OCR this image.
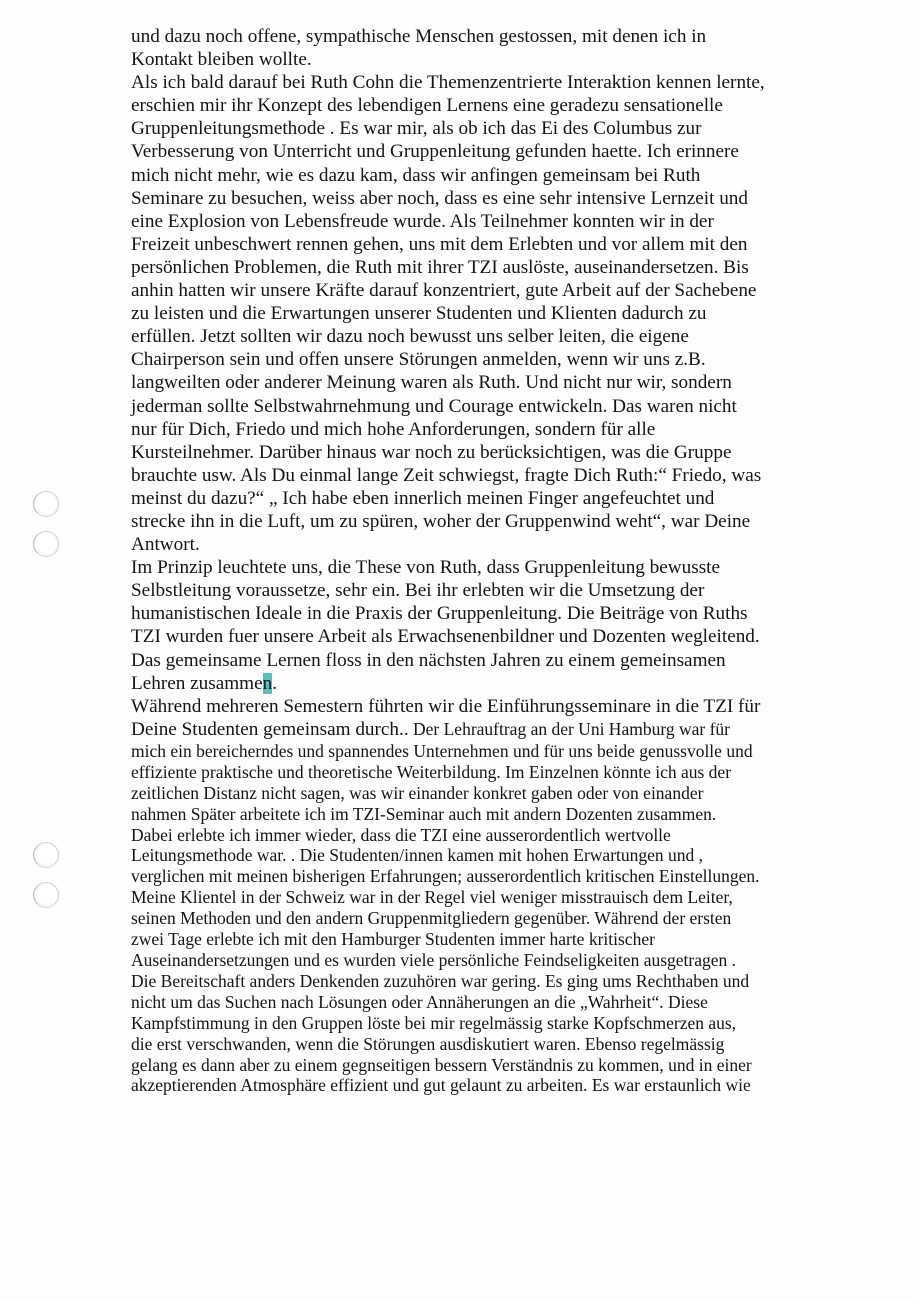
und dazu noch offene, sympathische Menschen gestossen, mit denen ich in
Kontakt bleiben wollte.
Als ich bald darauf bei Ruth Cohn die Themenzentrierte Interaktion kennen lernte,
erschien mir ihr Konzept des lebendigen Lernens eine geradezu sensationelle
Gruppenleitungsmethode . Es war mir, als ob ich das Ei des Columbus zur
Verbesserung von Unterricht und Gruppenleitung gefunden haette. Ich erinnere
mich nicht mehr, wie es dazu kam, dass wir anfingen gemeinsam bei Ruth
Seminare zu besuchen, weiss aber noch, dass es eine sehr intensive Lernzeit und
eine Explosion von Lebensfreude wurde. Als Teilnehmer konnten wir in der
Freizeit unbeschwert rennen gehen, uns mit dem Erlebten und vor allem mit den
persönlichen Problemen, die Ruth mit ihrer TZI auslöste, auseinandersetzen. Bis
anhin hatten wir unsere Kräfte darauf konzentriert, gute Arbeit auf der Sachebene
zu leisten und die Erwartungen unserer Studenten und Klienten dadurch zu
erfüllen. Jetzt sollten wir dazu noch bewusst uns selber leiten, die eigene
Chairperson sein und offen unsere Störungen anmelden, wenn wir uns z.B.
langweilten oder anderer Meinung waren als Ruth. Und nicht nur wir, sondern
jederman sollte Selbstwahrnehmung und Courage entwickeln. Das waren nicht
nur für Dich, Friedo und mich hohe Anforderungen, sondern für alle
Kursteilnehmer. Darüber hinaus war noch zu berücksichtigen, was die Gruppe
brauchte usw. Als Du einmal lange Zeit schwiegst, fragte Dich Ruth:“ Friedo, was
meinst du dazu?“ „ Ich habe eben innerlich meinen Finger angefeuchtet und
strecke ihn in die Luft, um zu spüren, woher der Gruppenwind weht“, war Deine
Antwort.
Im Prinzip leuchtete uns, die These von Ruth, dass Gruppenleitung bewusste
Selbstleitung voraussetze, sehr ein. Bei ihr erlebten wir die Umsetzung der
humanistischen Ideale in die Praxis der Gruppenleitung. Die Beiträge von Ruths
TZI wurden fuer unsere Arbeit als Erwachsenenbildner und Dozenten wegleitend.
Das gemeinsame Lernen floss in den nächsten Jahren zu einem gemeinsamen
Lehren zusammen.
Während mehreren Semestern führten wir die Einführungsseminare in die TZI für
Deine Studenten gemeinsam durch.. Der Lehrauftrag an der Uni Hamburg war für
mich ein bereicherndes und spannendes Unternehmen und für uns beide genussvolle und
effiziente praktische und theoretische Weiterbildung. Im Einzelnen könnte ich aus der
zeitlichen Distanz nicht sagen, was wir einander konkret gaben oder von einander
nahmen Später arbeitete ich im TZI-Seminar auch mit andern Dozenten zusammen.
Dabei erlebte ich immer wieder, dass die TZI eine ausserordentlich wertvolle
Leitungsmethode war. . Die Studenten/innen kamen mit hohen Erwartungen und ,
verglichen mit meinen bisherigen Erfahrungen; ausserordentlich kritischen Einstellungen.
Meine Klientel in der Schweiz war in der Regel viel weniger misstrauisch dem Leiter,
seinen Methoden und den andern Gruppenmitgliedern gegenüber. Während der ersten
zwei Tage erlebte ich mit den Hamburger Studenten immer harte kritischer
Auseinandersetzungen und es wurden viele persönliche Feindseligkeiten ausgetragen .
Die Bereitschaft anders Denkenden zuzuhören war gering. Es ging ums Rechthaben und
nicht um das Suchen nach Lösungen oder Annäherungen an die „Wahrheit“. Diese
Kampfstimmung in den Gruppen löste bei mir regelmässig starke Kopfschmerzen aus,
die erst verschwanden, wenn die Störungen ausdiskutiert waren. Ebenso regelmässig
gelang es dann aber zu einem gegnseitigen bessern Verständnis zu kommen, und in einer
akzeptierenden Atmosphäre effizient und gut gelaunt zu arbeiten. Es war erstaunlich wie
